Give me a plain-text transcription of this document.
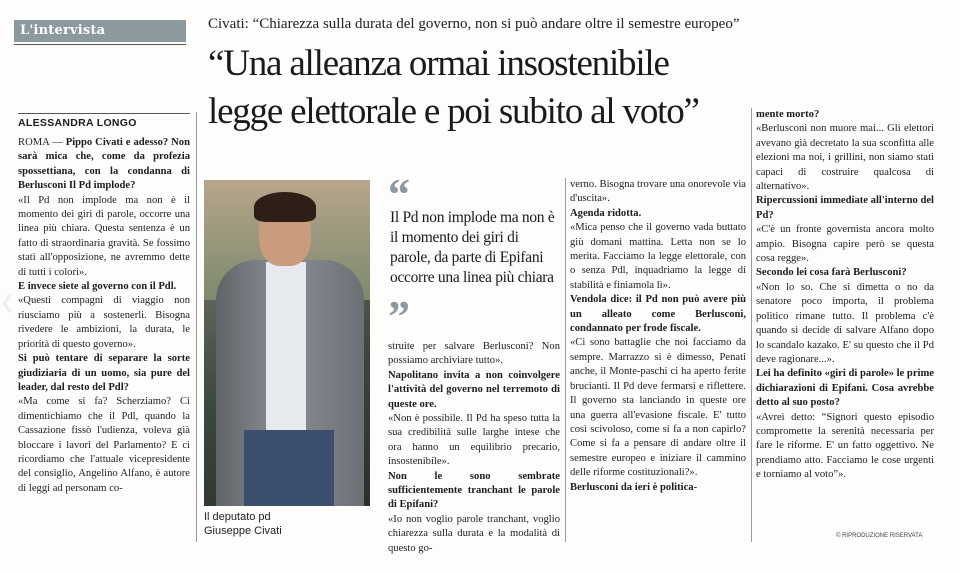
L'intervista	Civati: “Chiarezza sulla durata del governo, non si può andare oltre il semestre europeo”
“Una alleanza ormai insostenibile
legge elettorale e poi subito al voto”
ALESSANDRA LONGO

ROMA — Pippo Civati e adesso? Non sarà mica che, come da profezia spossettiana, con la condanna di Berlusconi Il Pd implode?

«Il Pd non implode ma non è il momento dei giri di parole, occorre una linea più chiara. Questa sentenza è un fatto di straordinaria gravità. Se fossimo stati all'opposizione, ne avremmo dette di tutti i colori».

E invece siete al governo con il Pdl.

«Questi compagni di viaggio non riusciamo più a sostenerli. Bisogna rivedere le ambizioni, la durata, le priorità di questo governo».

Si può tentare di separare la sorte giudiziaria di un uomo, sia pure del leader, dal resto del Pdl?

«Ma come si fa? Scherziamo? Ci dimentichiamo che il Pdl, quando la Cassazione fissò l'udienza, voleva già bloccare i lavori del Parlamento? E ci ricordiamo che l'attuale vicepresidente del consiglio, Angelino Alfano, è autore di leggi ad personam co-

Il deputato pd
Giuseppe Civati
“
Il Pd non implode ma non è il momento dei giri di parole, da parte di Epifani occorre una linea più chiara
”

struite per salvare Berlusconi? Non possiamo archiviare tutto».

Napolitano invita a non coinvolgere l'attività del governo nel terremoto di queste ore.

«Non è possibile. Il Pd ha speso tutta la sua credibilità sulle larghe intese che ora hanno un equilibrio precario, insostenibile».

Non le sono sembrate sufficientemente tranchant le parole di Epifani?

«Io non voglio parole tranchant, voglio chiarezza sulla durata e la modalità di questo go-

verno. Bisogna trovare una onorevole via d'uscita».

Agenda ridotta.

«Mica penso che il governo vada buttato giù domani mattina. Letta non se lo merita. Facciamo la legge elettorale, con o senza Pdl, inquadriamo la legge di stabilità e finiamola lì».

Vendola dice: il Pd non può avere più un alleato come Berlusconi, condannato per frode fiscale.

«Ci sono battaglie che noi facciamo da sempre. Marrazzo si è dimesso, Penati anche, il Monte-paschi ci ha aperto ferite brucianti. Il Pd deve fermarsi e riflettere. Il governo sta lanciando in queste ore una guerra all'evasione fiscale. E' tutto così scivoloso, come si fa a non capirlo? Come si fa a pensare di andare oltre il semestre europeo e iniziare il cammino delle riforme costituzionali?».

Berlusconi da ieri è politica-

mente morto?

«Berlusconi non muore mai... Gli elettori avevano già decretato la sua sconfitta alle elezioni ma noi, i grillini, non siamo stati capaci di costruire qualcosa di alternativo».

Ripercussioni immediate all'interno del Pd?

«C'è un fronte governista ancora molto ampio. Bisogna capire però se questa cosa regge».

Secondo lei cosa farà Berlusconi?

«Non lo so. Che si dimetta o no da senatore poco importa, il problema politico rimane tutto. Il problema c'è quando si decide di salvare Alfano dopo lo scandalo kazako. E' su questo che il Pd deve ragionare...».

Lei ha definito «giri di parole» le prime dichiarazioni di Epifani. Cosa avrebbe detto al suo posto?

«Avrei detto: “Signori questo episodio compromette la serenità necessaria per fare le riforme. E' un fatto oggettivo. Ne prendiamo atto. Facciamo le cose urgenti e torniamo al voto”».

© RIPRODUZIONE RISERVATA
❮
